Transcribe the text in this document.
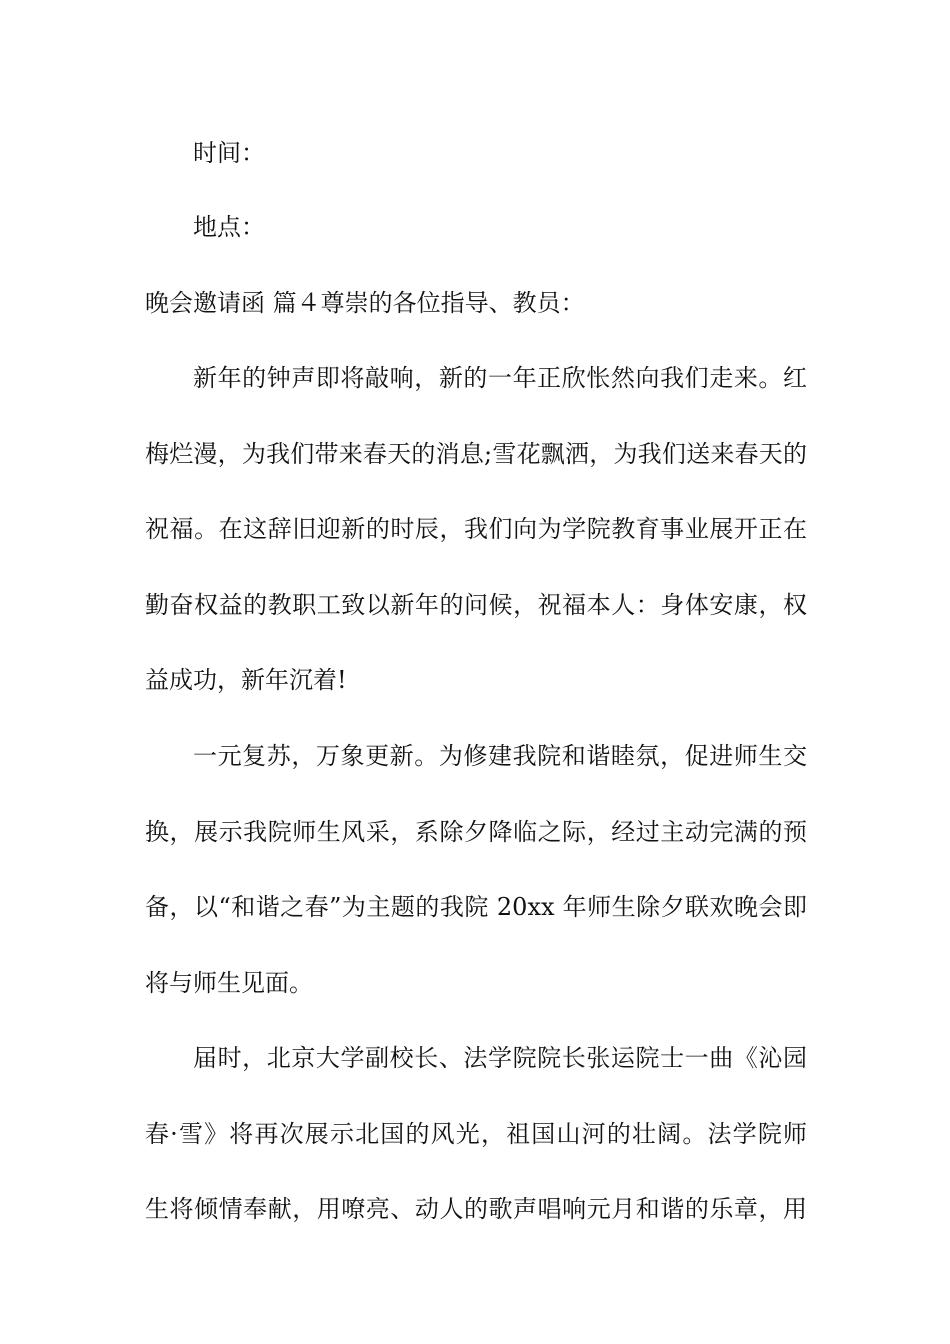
时间：

地点：

晚会邀请函 篇４尊崇的各位指导、教员：

新年的钟声即将敲响，新的一年正欣怅然向我们走来。红
梅烂漫，为我们带来春天的消息;雪花飘洒，为我们送来春天的
祝福。在这辞旧迎新的时辰，我们向为学院教育事业展开正在
勤奋权益的教职工致以新年的问候，祝福本人：身体安康，权
益成功，新年沉着!
一元复苏，万象更新。为修建我院和谐睦氛，促进师生交
换，展示我院师生风采，系除夕降临之际，经过主动完满的预
备，以“和谐之春”为主题的我院 20xx 年师生除夕联欢晚会即
将与师生见面。
届时，北京大学副校长、法学院院长张运院士一曲《沁园
春·雪》将再次展示北国的风光，祖国山河的壮阔。法学院师
生将倾情奉献，用嘹亮、动人的歌声唱响元月和谐的乐章，用
